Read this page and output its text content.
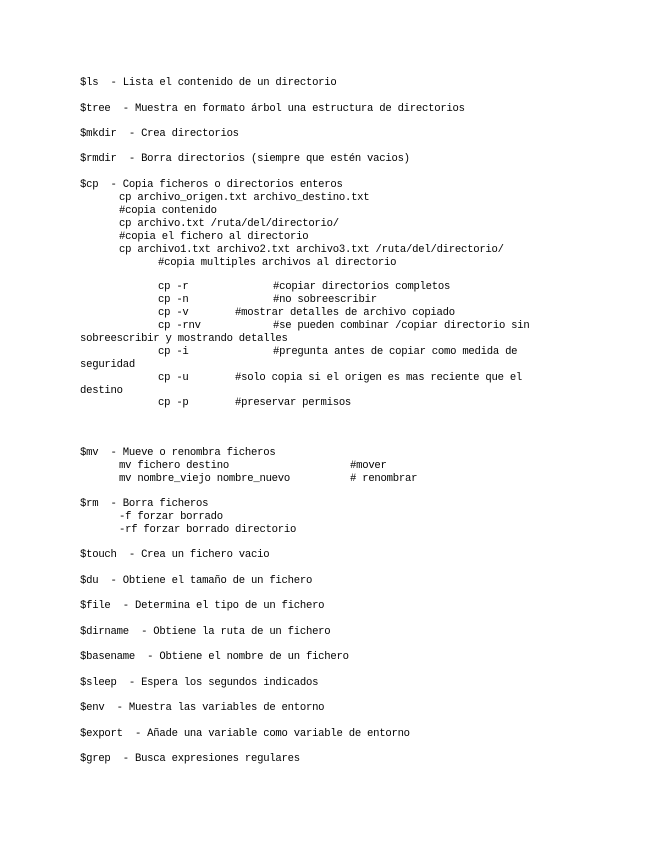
$ls  - Lista el contenido de un directorio
$tree  - Muestra en formato árbol una estructura de directorios
$mkdir  - Crea directorios
$rmdir  - Borra directorios (siempre que estén vacios)
$cp  - Copia ficheros o directorios enteros
cp archivo_origen.txt archivo_destino.txt
#copia contenido
cp archivo.txt /ruta/del/directorio/
#copia el fichero al directorio
cp archivo1.txt archivo2.txt archivo3.txt /ruta/del/directorio/
#copia multiples archivos al directorio
cp -r	#copiar directorios completos
cp -n	#no sobreescribir
cp -v	#mostrar detalles de archivo copiado
cp -rnv	#se pueden combinar /copiar directorio sin
sobreescribir y mostrando detalles
cp -i	#pregunta antes de copiar como medida de
seguridad
cp -u	#solo copia si el origen es mas reciente que el
destino
cp -p	#preservar permisos
$mv  - Mueve o renombra ficheros
mv fichero destino	#mover
mv nombre_viejo nombre_nuevo	# renombrar
$rm  - Borra ficheros
-f forzar borrado
-rf forzar borrado directorio
$touch  - Crea un fichero vacio
$du  - Obtiene el tamaño de un fichero
$file  - Determina el tipo de un fichero
$dirname  - Obtiene la ruta de un fichero
$basename  - Obtiene el nombre de un fichero
$sleep  - Espera los segundos indicados
$env  - Muestra las variables de entorno
$export  - Añade una variable como variable de entorno
$grep  - Busca expresiones regulares
